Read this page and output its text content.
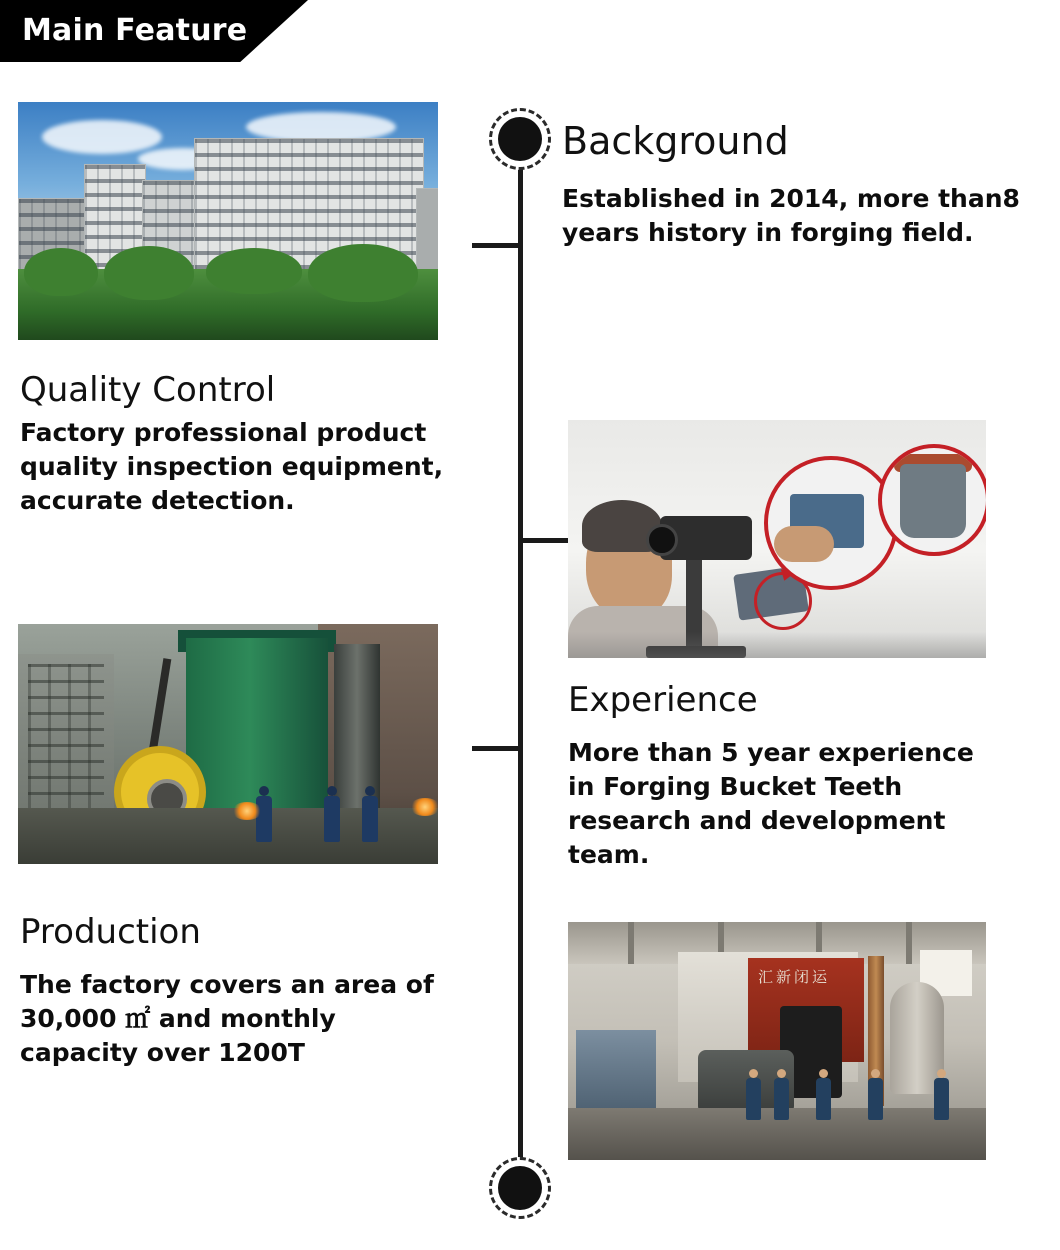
Main Feature
Background

Established in 2014, more than8 years history in forging field.

Quality Control

Factory professional product quality inspection equipment, accurate detection.

Experience

More than 5 year experience in Forging Bucket Teeth research and development team.

Production

The factory covers an area of 30,000 ㎡ and monthly capacity over 1200T

汇新闭运
